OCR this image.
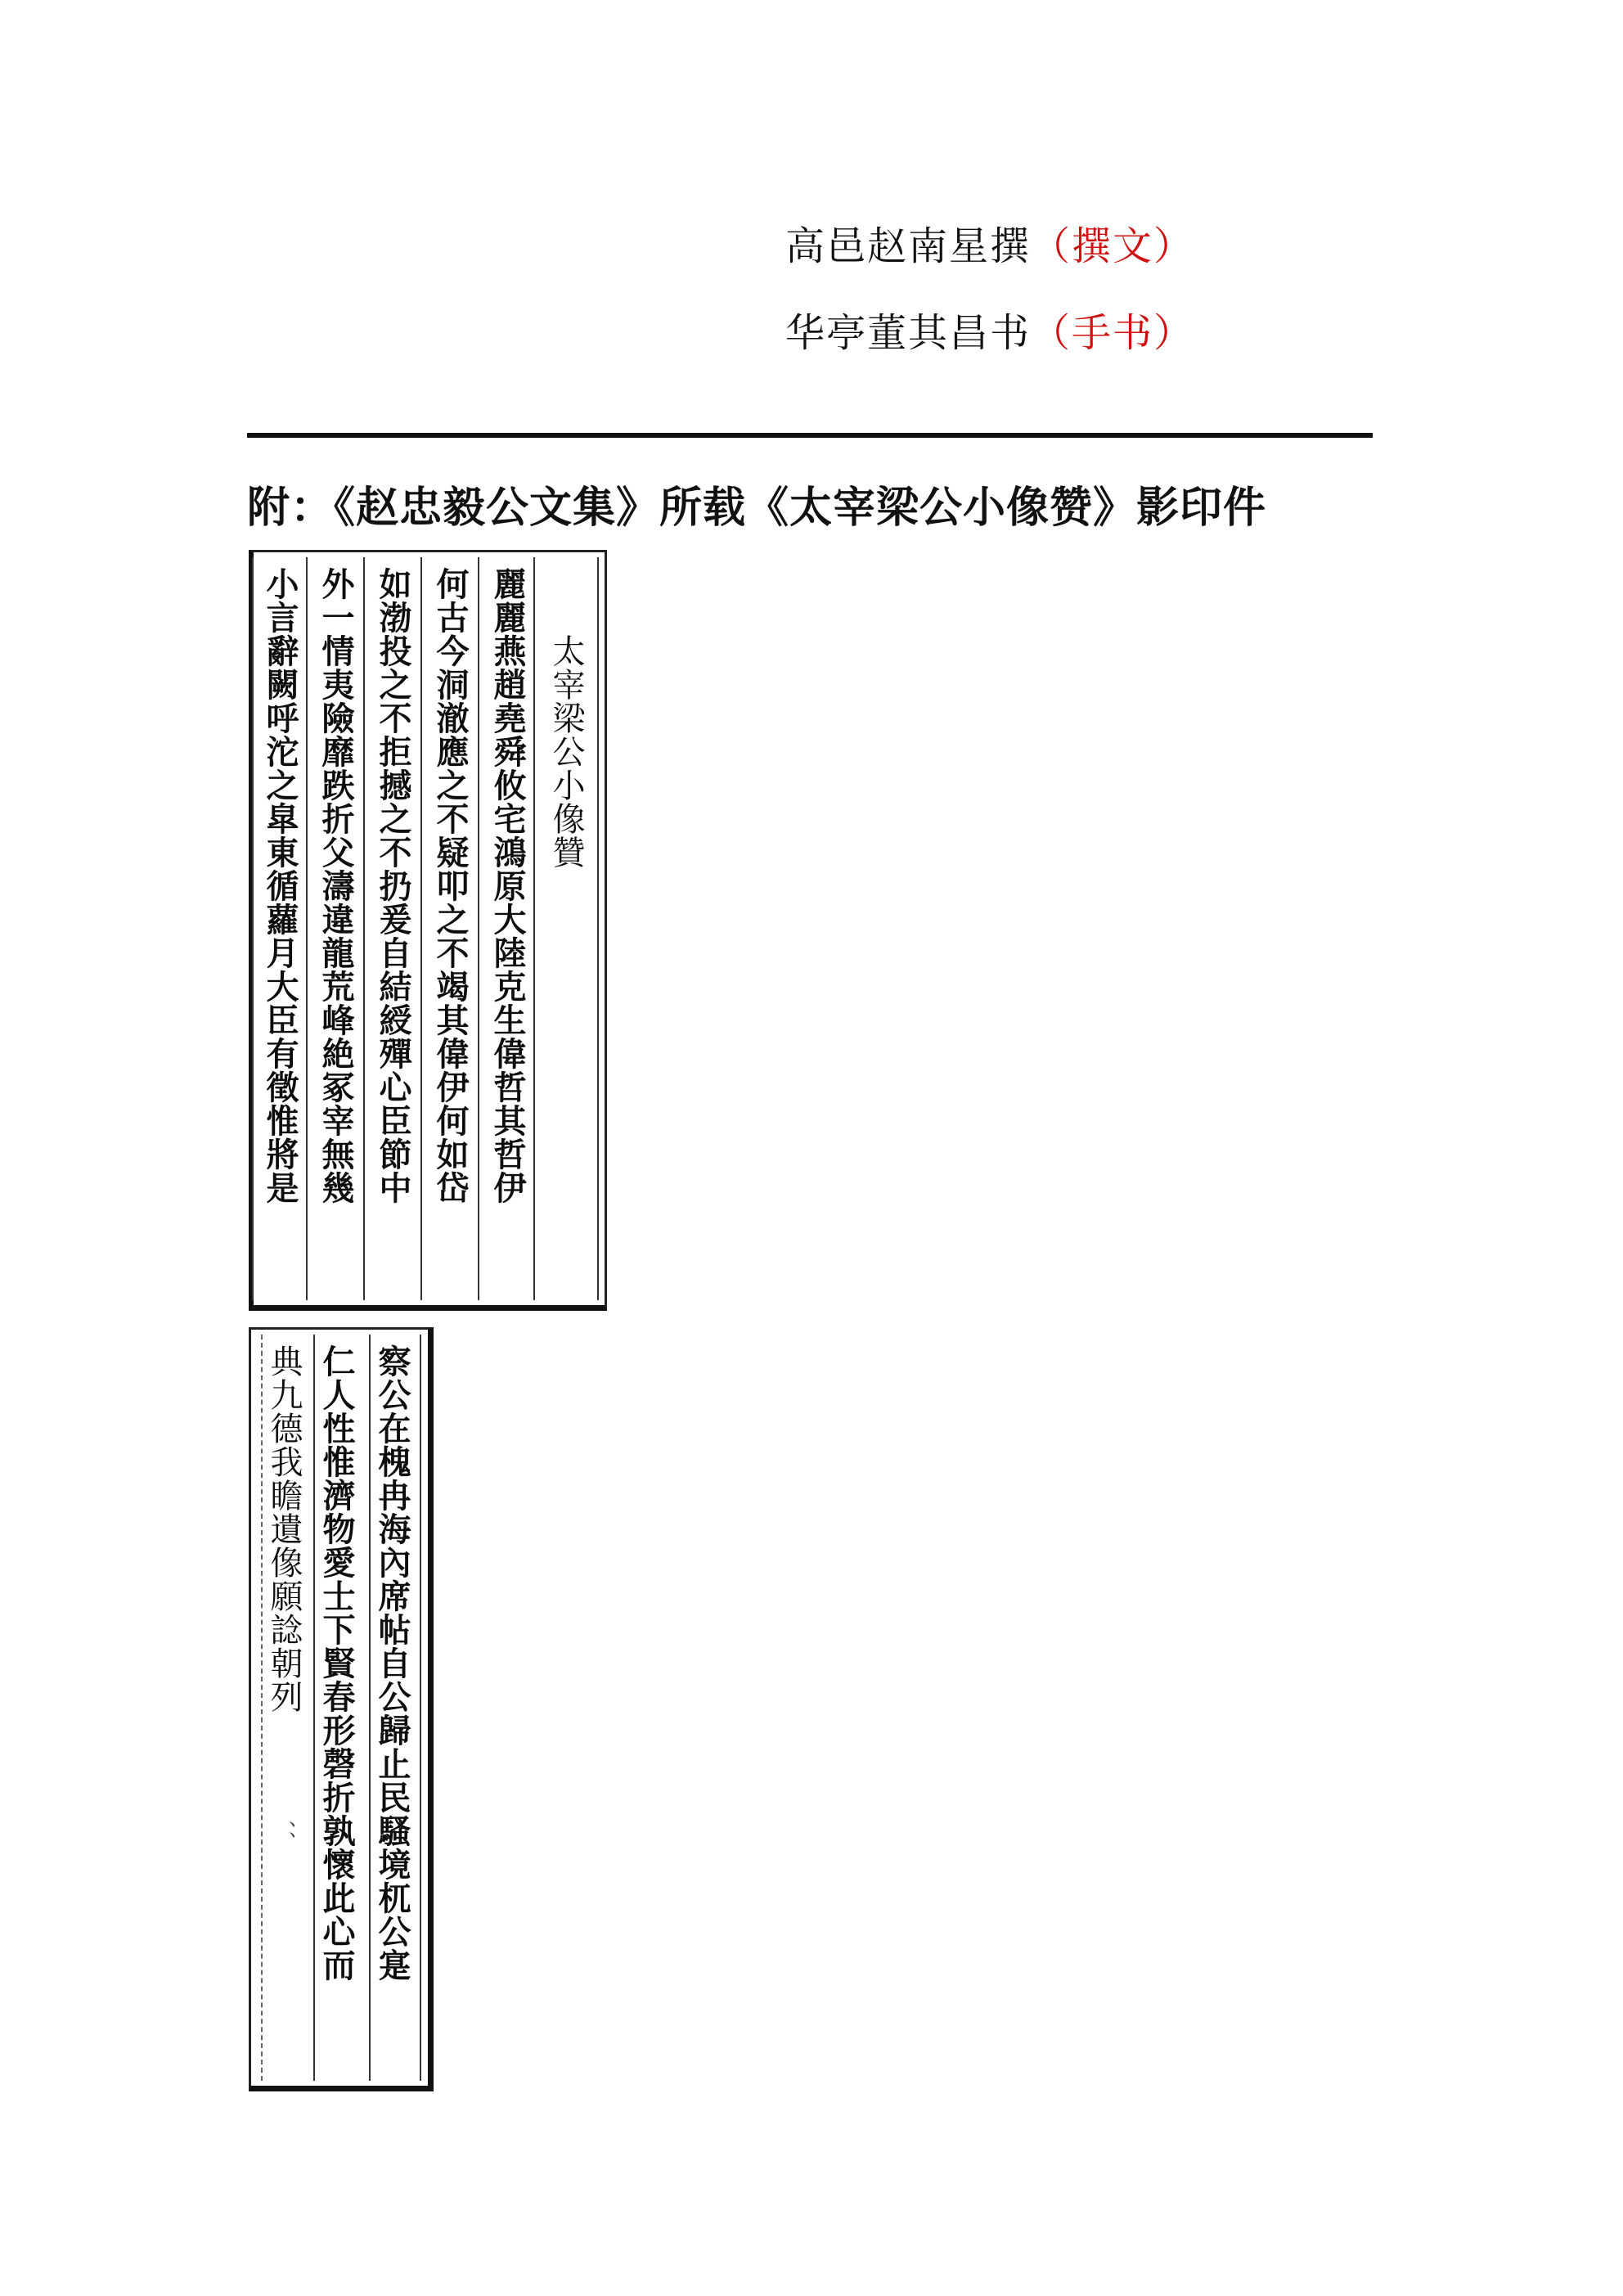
高邑赵南星撰（撰文）
华亭董其昌书（手书）
附：《赵忠毅公文集》所载《太宰梁公小像赞》影印件
太宰梁公小像贊
麗麗燕趙堯舜攸宅鴻原大陸克生偉哲其哲伊
何古今洞澈應之不疑叩之不竭其偉伊何如岱
如渤投之不拒撼之不扔爰自結綬殫心臣節中
外一情夷險靡跌折父濤違龍荒峰絶冢宰無幾
小言辭闕呼沱之皐東循蘿月大臣有徵惟將是
察公在槐冉海內席帖自公歸止民騷境杌公寔
仁人性惟濟物愛士下賢春形磬折孰懷此心而
典九德我瞻遺像願諗朝列
、、
